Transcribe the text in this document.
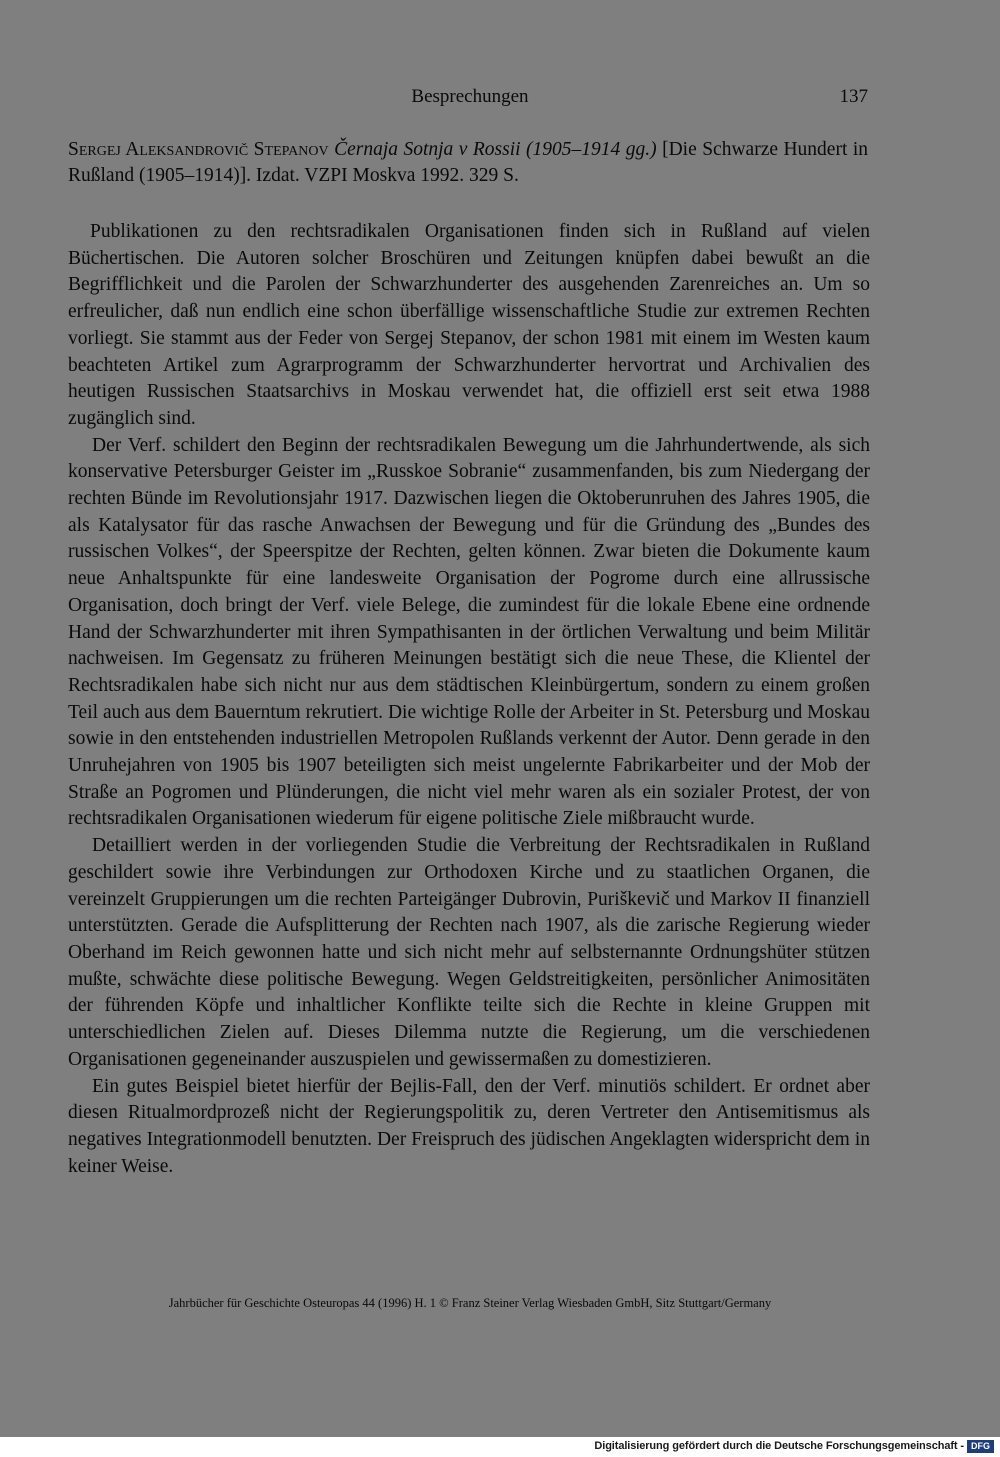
Besprechungen	137
Sergej Aleksandrovič Stepanov Černaja Sotnja v Rossii (1905–1914 gg.) [Die Schwarze Hundert in Rußland (1905–1914)]. Izdat. VZPI Moskva 1992. 329 S.

Publikationen zu den rechtsradikalen Organisationen finden sich in Rußland auf vielen Büchertischen. Die Autoren solcher Broschüren und Zeitungen knüpfen dabei bewußt an die Begrifflichkeit und die Parolen der Schwarzhunderter des ausgehenden Zarenreiches an. Um so erfreulicher, daß nun endlich eine schon überfällige wissenschaftliche Studie zur extremen Rechten vorliegt. Sie stammt aus der Feder von Sergej Stepanov, der schon 1981 mit einem im Westen kaum beachteten Artikel zum Agrarprogramm der Schwarzhunderter hervortrat und Archivalien des heutigen Russischen Staatsarchivs in Moskau verwendet hat, die offiziell erst seit etwa 1988 zugänglich sind.

Der Verf. schildert den Beginn der rechtsradikalen Bewegung um die Jahrhundertwende, als sich konservative Petersburger Geister im „Russkoe Sobranie“ zusammenfanden, bis zum Niedergang der rechten Bünde im Revolutionsjahr 1917. Dazwischen liegen die Oktoberunruhen des Jahres 1905, die als Katalysator für das rasche Anwachsen der Bewegung und für die Gründung des „Bundes des russischen Volkes“, der Speerspitze der Rechten, gelten können. Zwar bieten die Dokumente kaum neue Anhaltspunkte für eine landesweite Organisation der Pogrome durch eine allrussische Organisation, doch bringt der Verf. viele Belege, die zumindest für die lokale Ebene eine ordnende Hand der Schwarzhunderter mit ihren Sympathisanten in der örtlichen Verwaltung und beim Militär nachweisen. Im Gegensatz zu früheren Meinungen bestätigt sich die neue These, die Klientel der Rechtsradikalen habe sich nicht nur aus dem städtischen Kleinbürgertum, sondern zu einem großen Teil auch aus dem Bauerntum rekrutiert. Die wichtige Rolle der Arbeiter in St. Petersburg und Moskau sowie in den entstehenden industriellen Metropolen Rußlands verkennt der Autor. Denn gerade in den Unruhejahren von 1905 bis 1907 beteiligten sich meist ungelernte Fabrikarbeiter und der Mob der Straße an Pogromen und Plünderungen, die nicht viel mehr waren als ein sozialer Protest, der von rechtsradikalen Organisationen wiederum für eigene politische Ziele mißbraucht wurde.

Detailliert werden in der vorliegenden Studie die Verbreitung der Rechtsradikalen in Rußland geschildert sowie ihre Verbindungen zur Orthodoxen Kirche und zu staatlichen Organen, die vereinzelt Gruppierungen um die rechten Parteigänger Dubrovin, Puriškevič und Markov II finanziell unterstützten. Gerade die Aufsplitterung der Rechten nach 1907, als die zarische Regierung wieder Oberhand im Reich gewonnen hatte und sich nicht mehr auf selbsternannte Ordnungshüter stützen mußte, schwächte diese politische Bewegung. Wegen Geldstreitigkeiten, persönlicher Animositäten der führenden Köpfe und inhaltlicher Konflikte teilte sich die Rechte in kleine Gruppen mit unterschiedlichen Zielen auf. Dieses Dilemma nutzte die Regierung, um die verschiedenen Organisationen gegeneinander auszuspielen und gewissermaßen zu domestizieren.

Ein gutes Beispiel bietet hierfür der Bejlis-Fall, den der Verf. minutiös schildert. Er ordnet aber diesen Ritualmordprozeß nicht der Regierungspolitik zu, deren Vertreter den Antisemitismus als negatives Integrationmodell benutzten. Der Freispruch des jüdischen Angeklagten widerspricht dem in keiner Weise.

Jahrbücher für Geschichte Osteuropas 44 (1996) H. 1 © Franz Steiner Verlag Wiesbaden GmbH, Sitz Stuttgart/Germany
Digitalisierung gefördert durch die Deutsche Forschungsgemeinschaft - DFG
